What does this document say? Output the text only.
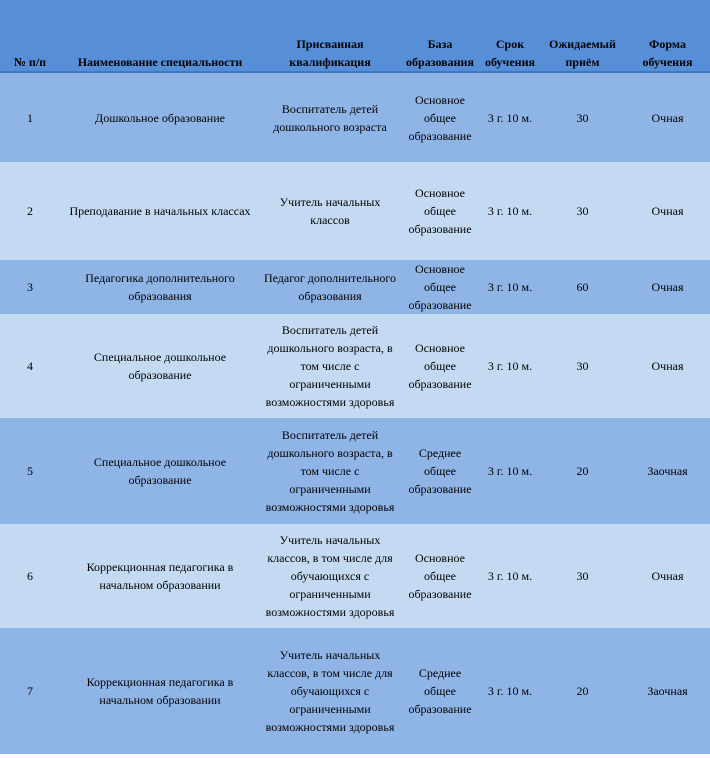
№ п/п	Наименование специальности	Присваиная квалификация	База образования	Срок обучения	Ожидаемый приём	Форма обучения
1	Дошкольное образование	Воспитатель детей дошкольного возраста	Основное общее образование	3 г. 10 м.	30	Очная
2	Преподавание в начальных классах	Учитель начальных классов	Основное общее образование	3 г. 10 м.	30	Очная
3	Педагогика дополнительного образования	Педагог дополнительного образования	Основное общее образование	3 г. 10 м.	60	Очная
4	Специальное дошкольное образование	Воспитатель детей дошкольного возраста, в том числе с ограниченными возможностями здоровья	Основное общее образование	3 г. 10 м.	30	Очная
5	Специальное дошкольное образование	Воспитатель детей дошкольного возраста, в том числе с ограниченными возможностями здоровья	Среднее общее образование	3 г. 10 м.	20	Заочная
6	Коррекционная педагогика в начальном образовании	Учитель начальных классов, в том числе для обучающихся с ограниченными возможностями здоровья	Основное общее образование	3 г. 10 м.	30	Очная
7	Коррекционная педагогика в начальном образовании	Учитель начальных классов, в том числе для обучающихся с ограниченными возможностями здоровья	Среднее общее образование	3 г. 10 м.	20	Заочная
